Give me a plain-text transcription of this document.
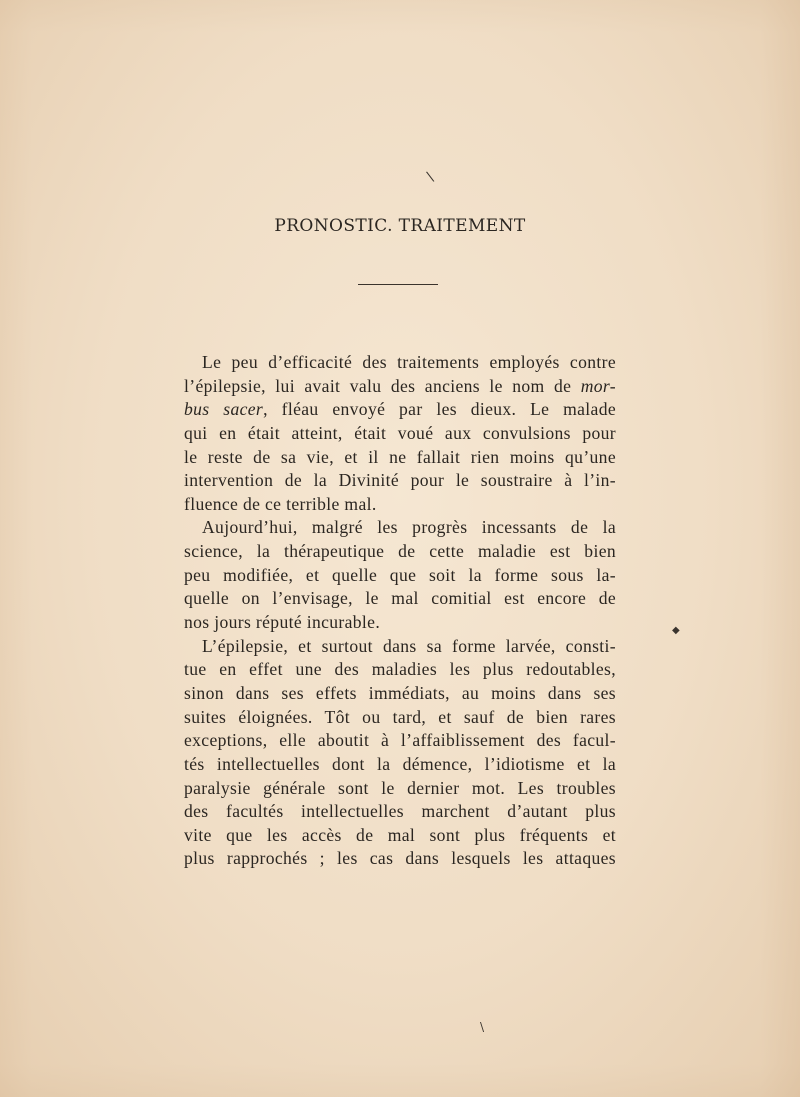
\
PRONOSTIC. TRAITEMENT
Le peu d’efficacité des traitements employés contre
l’épilepsie, lui avait valu des anciens le nom de mor-
bus sacer, fléau envoyé par les dieux. Le malade
qui en était atteint, était voué aux convulsions pour
le reste de sa vie, et il ne fallait rien moins qu’une
intervention de la Divinité pour le soustraire à l’in-
fluence de ce terrible mal.
Aujourd’hui, malgré les progrès incessants de la
science, la thérapeutique de cette maladie est bien
peu modifiée, et quelle que soit la forme sous la-
quelle on l’envisage, le mal comitial est encore de
nos jours réputé incurable.
L’épilepsie, et surtout dans sa forme larvée, consti-
tue en effet une des maladies les plus redoutables,
sinon dans ses effets immédiats, au moins dans ses
suites éloignées. Tôt ou tard, et sauf de bien rares
exceptions, elle aboutit à l’affaiblissement des facul-
tés intellectuelles dont la démence, l’idiotisme et la
paralysie générale sont le dernier mot. Les troubles
des facultés intellectuelles marchent d’autant plus
vite que les accès de mal sont plus fréquents et
plus rapprochés ; les cas dans lesquels les attaques
◆
\
